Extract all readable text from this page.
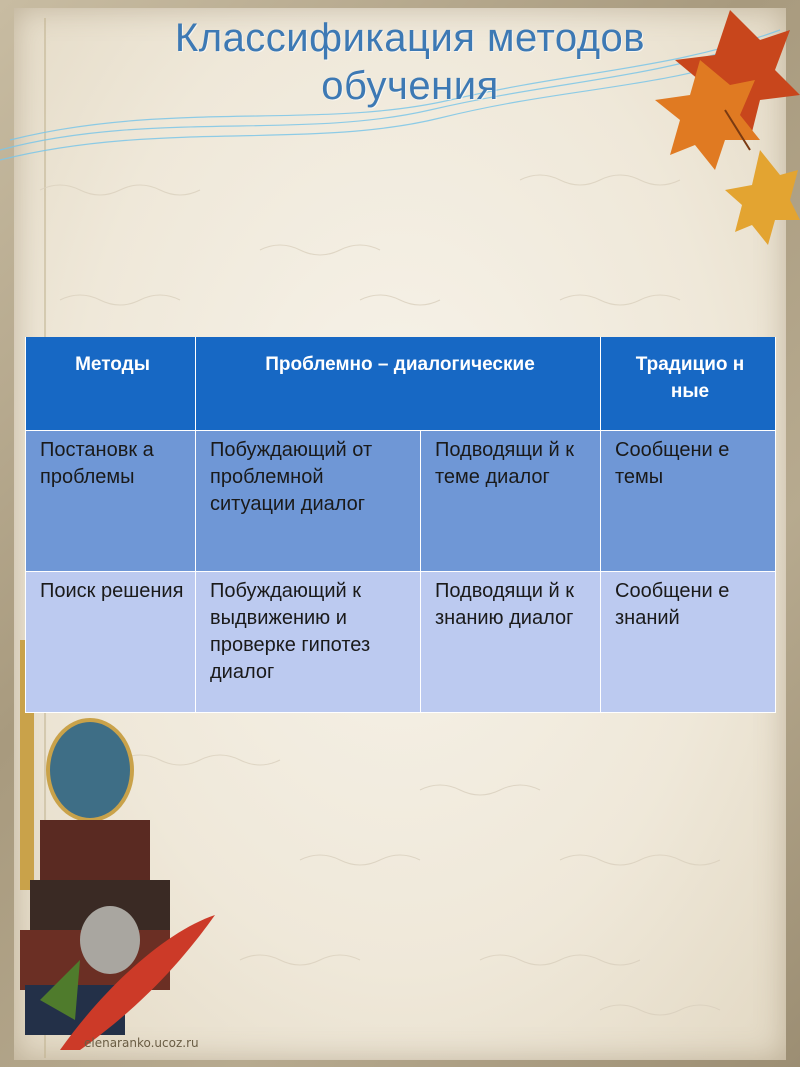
Классификация методов
обучения
Методы	Проблемно – диалогические		Традицио н ные
Постановк а проблемы	Побуждающий от проблемной ситуации диалог	Подводящи й к теме диалог	Сообщени е темы
Поиск решения	Побуждающий к выдвижению и проверке гипотез диалог	Подводящи й к знанию диалог	Сообщени е знаний
elenaranko.ucoz.ru
